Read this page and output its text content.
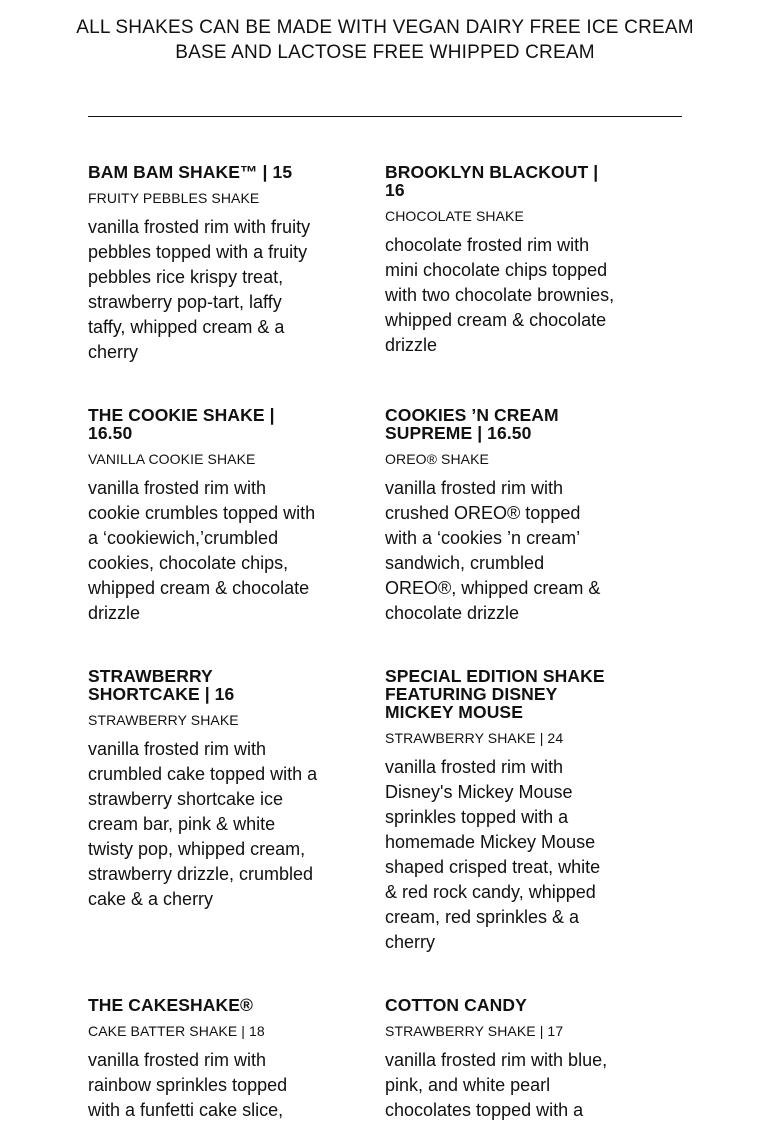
ALL SHAKES CAN BE MADE WITH VEGAN DAIRY FREE ICE CREAM
BASE AND LACTOSE FREE WHIPPED CREAM
BAM BAM SHAKE™ | 15
FRUITY PEBBLES SHAKE
vanilla frosted rim with fruity pebbles topped with a fruity pebbles rice krispy treat, strawberry pop-tart, laffy taffy, whipped cream & a cherry
BROOKLYN BLACKOUT | 16
CHOCOLATE SHAKE
chocolate frosted rim with mini chocolate chips topped with two chocolate brownies, whipped cream & chocolate drizzle
THE COOKIE SHAKE | 16.50
VANILLA COOKIE SHAKE
vanilla frosted rim with cookie crumbles topped with a ‘cookiewich,’crumbled cookies, chocolate chips, whipped cream & chocolate drizzle
COOKIES ’N CREAM SUPREME | 16.50
OREO® SHAKE
vanilla frosted rim with crushed OREO® topped with a ‘cookies ’n cream’ sandwich, crumbled OREO®, whipped cream & chocolate drizzle
STRAWBERRY SHORTCAKE | 16
STRAWBERRY SHAKE
vanilla frosted rim with crumbled cake topped with a strawberry shortcake ice cream bar, pink & white twisty pop, whipped cream, strawberry drizzle, crumbled cake & a cherry
SPECIAL EDITION SHAKE FEATURING DISNEY MICKEY MOUSE
STRAWBERRY SHAKE | 24
vanilla frosted rim with Disney's Mickey Mouse sprinkles topped with a homemade Mickey Mouse shaped crisped treat, white & red rock candy, whipped cream, red sprinkles & a cherry
THE CAKESHAKE®
CAKE BATTER SHAKE | 18
vanilla frosted rim with rainbow sprinkles topped with a funfetti cake slice,
COTTON CANDY
STRAWBERRY SHAKE | 17
vanilla frosted rim with blue, pink, and white pearl chocolates topped with a
